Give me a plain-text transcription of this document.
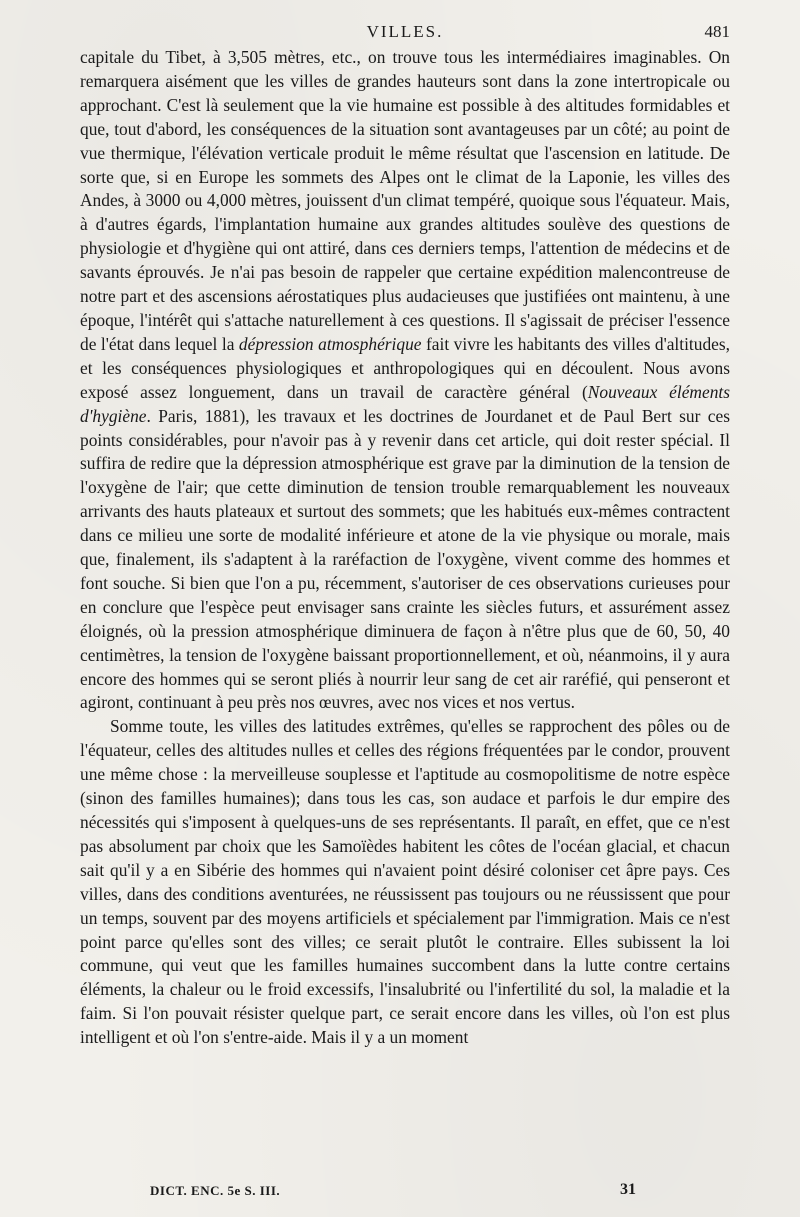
VILLES.	481

capitale du Tibet, à 3,505 mètres, etc., on trouve tous les intermédiaires imaginables. On remarquera aisément que les villes de grandes hauteurs sont dans la zone intertropicale ou approchant. C'est là seulement que la vie humaine est possible à des altitudes formidables et que, tout d'abord, les conséquences de la situation sont avantageuses par un côté; au point de vue thermique, l'élévation verticale produit le même résultat que l'ascension en latitude. De sorte que, si en Europe les sommets des Alpes ont le climat de la Laponie, les villes des Andes, à 3000 ou 4,000 mètres, jouissent d'un climat tempéré, quoique sous l'équateur. Mais, à d'autres égards, l'implantation humaine aux grandes altitudes soulève des questions de physiologie et d'hygiène qui ont attiré, dans ces derniers temps, l'attention de médecins et de savants éprouvés. Je n'ai pas besoin de rappeler que certaine expédition malencontreuse de notre part et des ascensions aérostatiques plus audacieuses que justifiées ont maintenu, à une époque, l'intérêt qui s'attache naturellement à ces questions. Il s'agissait de préciser l'essence de l'état dans lequel la dépression atmosphérique fait vivre les habitants des villes d'altitudes, et les conséquences physiologiques et anthropologiques qui en découlent. Nous avons exposé assez longuement, dans un travail de caractère général (Nouveaux éléments d'hygiène. Paris, 1881), les travaux et les doctrines de Jourdanet et de Paul Bert sur ces points considérables, pour n'avoir pas à y revenir dans cet article, qui doit rester spécial. Il suffira de redire que la dépression atmosphérique est grave par la diminution de la tension de l'oxygène de l'air; que cette diminution de tension trouble remarquablement les nouveaux arrivants des hauts plateaux et surtout des sommets; que les habitués eux-mêmes contractent dans ce milieu une sorte de modalité inférieure et atone de la vie physique ou morale, mais que, finalement, ils s'adaptent à la raréfaction de l'oxygène, vivent comme des hommes et font souche. Si bien que l'on a pu, récemment, s'autoriser de ces observations curieuses pour en conclure que l'espèce peut envisager sans crainte les siècles futurs, et assurément assez éloignés, où la pression atmosphérique diminuera de façon à n'être plus que de 60, 50, 40 centimètres, la tension de l'oxygène baissant proportionnellement, et où, néanmoins, il y aura encore des hommes qui se seront pliés à nourrir leur sang de cet air raréfié, qui penseront et agiront, continuant à peu près nos œuvres, avec nos vices et nos vertus.

Somme toute, les villes des latitudes extrêmes, qu'elles se rapprochent des pôles ou de l'équateur, celles des altitudes nulles et celles des régions fréquentées par le condor, prouvent une même chose : la merveilleuse souplesse et l'aptitude au cosmopolitisme de notre espèce (sinon des familles humaines); dans tous les cas, son audace et parfois le dur empire des nécessités qui s'imposent à quelques-uns de ses représentants. Il paraît, en effet, que ce n'est pas absolument par choix que les Samoïèdes habitent les côtes de l'océan glacial, et chacun sait qu'il y a en Sibérie des hommes qui n'avaient point désiré coloniser cet âpre pays. Ces villes, dans des conditions aventurées, ne réussissent pas toujours ou ne réussissent que pour un temps, souvent par des moyens artificiels et spécialement par l'immigration. Mais ce n'est point parce qu'elles sont des villes; ce serait plutôt le contraire. Elles subissent la loi commune, qui veut que les familles humaines succombent dans la lutte contre certains éléments, la chaleur ou le froid excessifs, l'insalubrité ou l'infertilité du sol, la maladie et la faim. Si l'on pouvait résister quelque part, ce serait encore dans les villes, où l'on est plus intelligent et où l'on s'entre-aide. Mais il y a un moment

DICT. ENC. 5e S. III.	31
